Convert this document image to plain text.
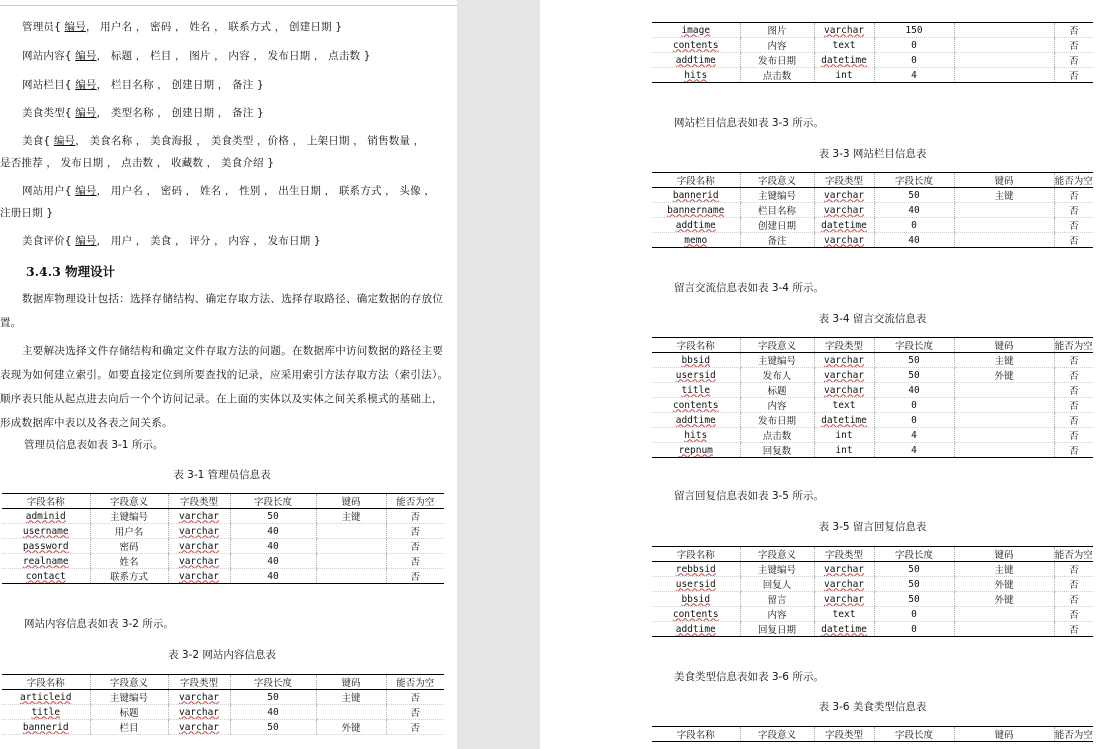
管理员{ 编号， 用户名 ， 密码 ， 姓名 ， 联系方式 ， 创建日期 }
网站内容{ 编号， 标题 ， 栏目 ， 图片 ， 内容 ， 发布日期 ， 点击数 }
网站栏目{ 编号， 栏目名称 ， 创建日期 ， 备注 }
美食类型{ 编号， 类型名称 ， 创建日期 ， 备注 }
美食{ 编号， 美食名称 ， 美食海报 ， 美食类型 ，价格 ， 上架日期 ， 销售数量 ，
是否推荐 ， 发布日期 ， 点击数 ， 收藏数 ， 美食介绍 }
网站用户{ 编号， 用户名 ， 密码 ， 姓名 ， 性别 ， 出生日期 ， 联系方式 ， 头像 ，
注册日期 }
美食评价{ 编号， 用户 ， 美食 ， 评分 ， 内容 ， 发布日期 }
3.4.3 物理设计
数据库物理设计包括：选择存储结构、确定存取方法、选择存取路径、确定数据的存放位置。
主要解决选择文件存储结构和确定文件存取方法的问题。在数据库中访问数据的路径主要表现为如何建立索引。如要直接定位到所要查找的记录，应采用索引方法存取方法（索引法）。顺序表只能从起点进去向后一个个访问记录。在上面的实体以及实体之间关系模式的基础上，形成数据库中表以及各表之间关系。
管理员信息表如表 3-1 所示。
表 3-1 管理员信息表
字段名称	字段意义	字段类型	字段长度	键码	能否为空
adminid	主键编号	varchar	50	主键	否
username	用户名	varchar	40		否
password	密码	varchar	40		否
realname	姓名	varchar	40		否
contact	联系方式	varchar	40		否
网站内容信息表如表 3-2 所示。
表 3-2 网站内容信息表
字段名称	字段意义	字段类型	字段长度	键码	能否为空
articleid	主键编号	varchar	50	主键	否
title	标题	varchar	40		否
bannerid	栏目	varchar	50	外键	否
image	图片	varchar	150		否
contents	内容	text	0		否
addtime	发布日期	datetime	0		否
hits	点击数	int	4		否
网站栏目信息表如表 3-3 所示。
表 3-3 网站栏目信息表
字段名称	字段意义	字段类型	字段长度	键码	能否为空
bannerid	主键编号	varchar	50	主键	否
bannername	栏目名称	varchar	40		否
addtime	创建日期	datetime	0		否
memo	备注	varchar	40		否
留言交流信息表如表 3-4 所示。
表 3-4 留言交流信息表
字段名称	字段意义	字段类型	字段长度	键码	能否为空
bbsid	主键编号	varchar	50	主键	否
usersid	发布人	varchar	50	外键	否
title	标题	varchar	40		否
contents	内容	text	0		否
addtime	发布日期	datetime	0		否
hits	点击数	int	4		否
repnum	回复数	int	4		否
留言回复信息表如表 3-5 所示。
表 3-5 留言回复信息表
字段名称	字段意义	字段类型	字段长度	键码	能否为空
rebbsid	主键编号	varchar	50	主键	否
usersid	回复人	varchar	50	外键	否
bbsid	留言	varchar	50	外键	否
contents	内容	text	0		否
addtime	回复日期	datetime	0		否
美食类型信息表如表 3-6 所示。
表 3-6 美食类型信息表
字段名称	字段意义	字段类型	字段长度	键码	能否为空
